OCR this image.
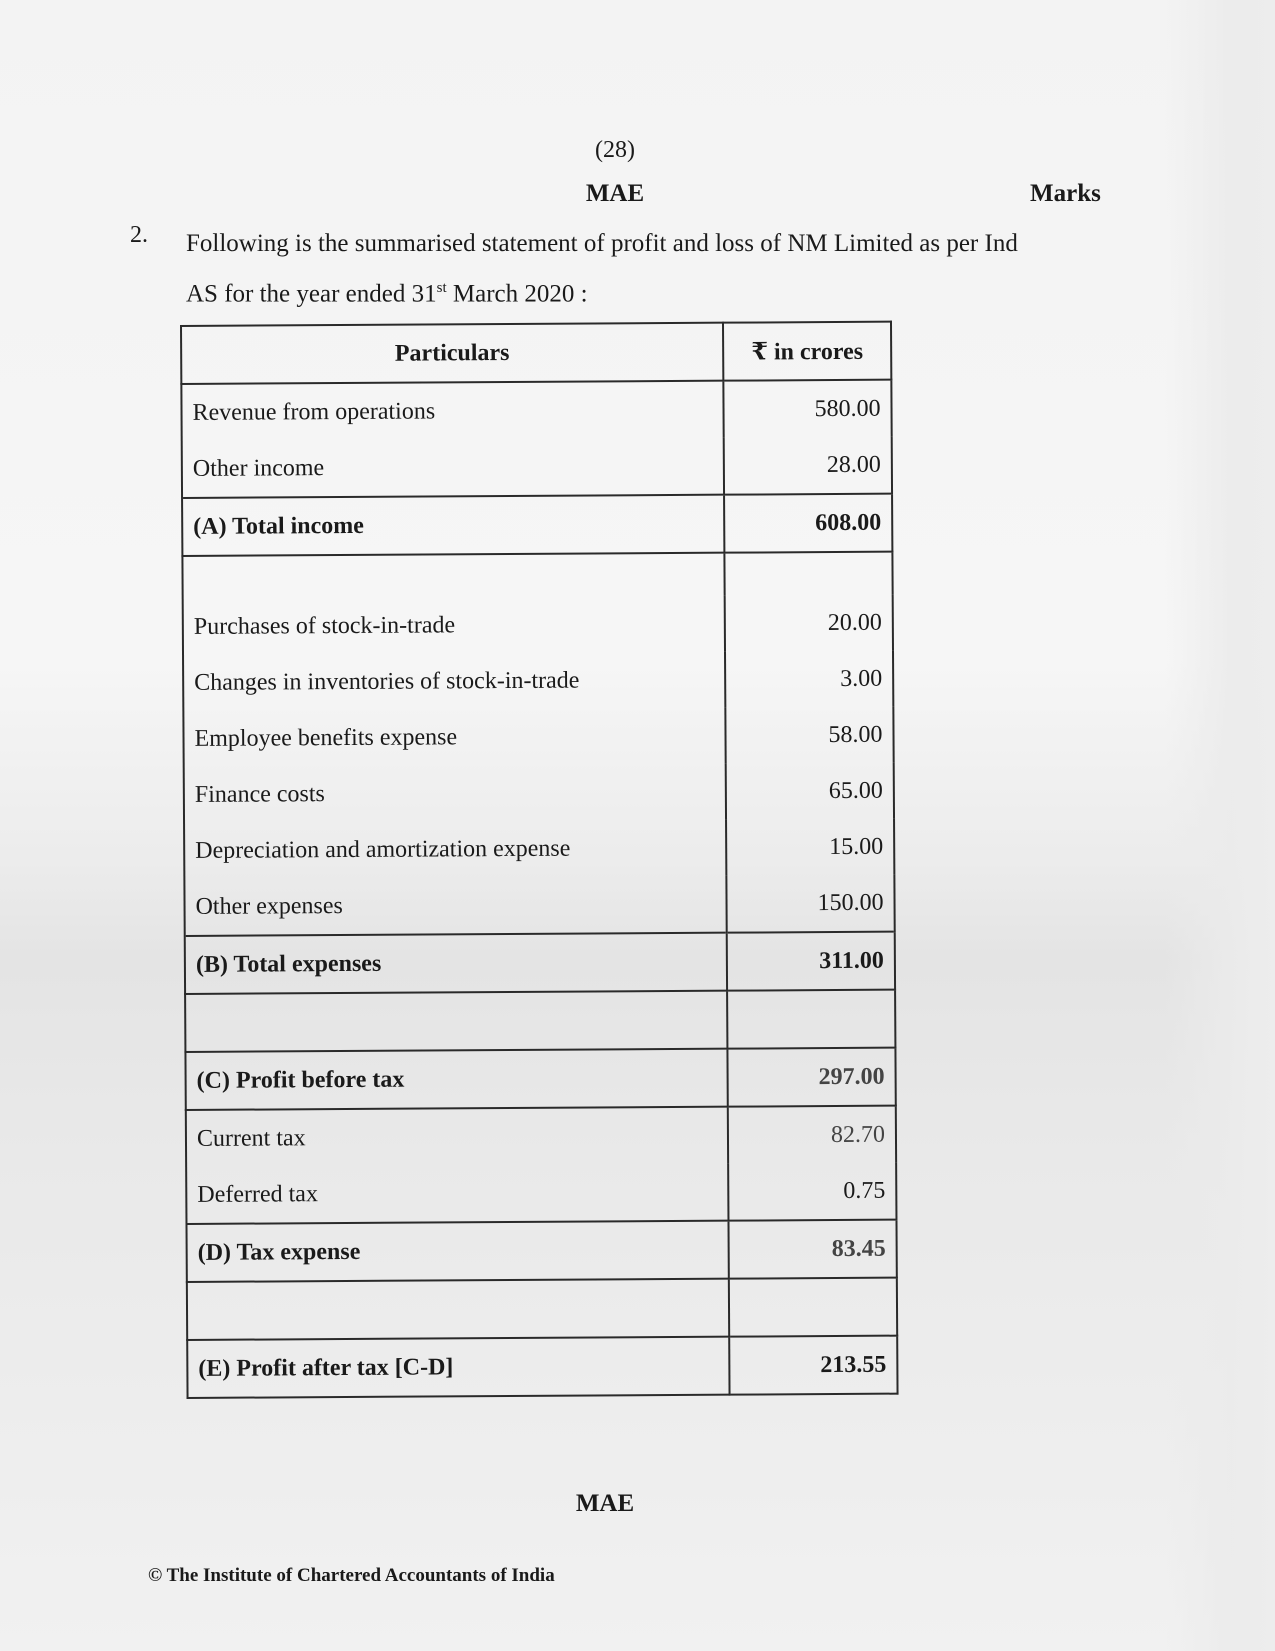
(28)
MAE	Marks
2. Following is the summarised statement of profit and loss of NM Limited as per Ind AS for the year ended 31st March 2020 :
Particulars	₹ in crores
Revenue from operations	580.00
Other income	28.00
(A) Total income	608.00

Purchases of stock-in-trade	20.00
Changes in inventories of stock-in-trade	3.00
Employee benefits expense	58.00
Finance costs	65.00
Depreciation and amortization expense	15.00
Other expenses	150.00
(B) Total expenses	311.00

(C) Profit before tax	297.00
Current tax	82.70
Deferred tax	0.75
(D) Tax expense	83.45

(E) Profit after tax [C-D]	213.55
MAE
© The Institute of Chartered Accountants of India
